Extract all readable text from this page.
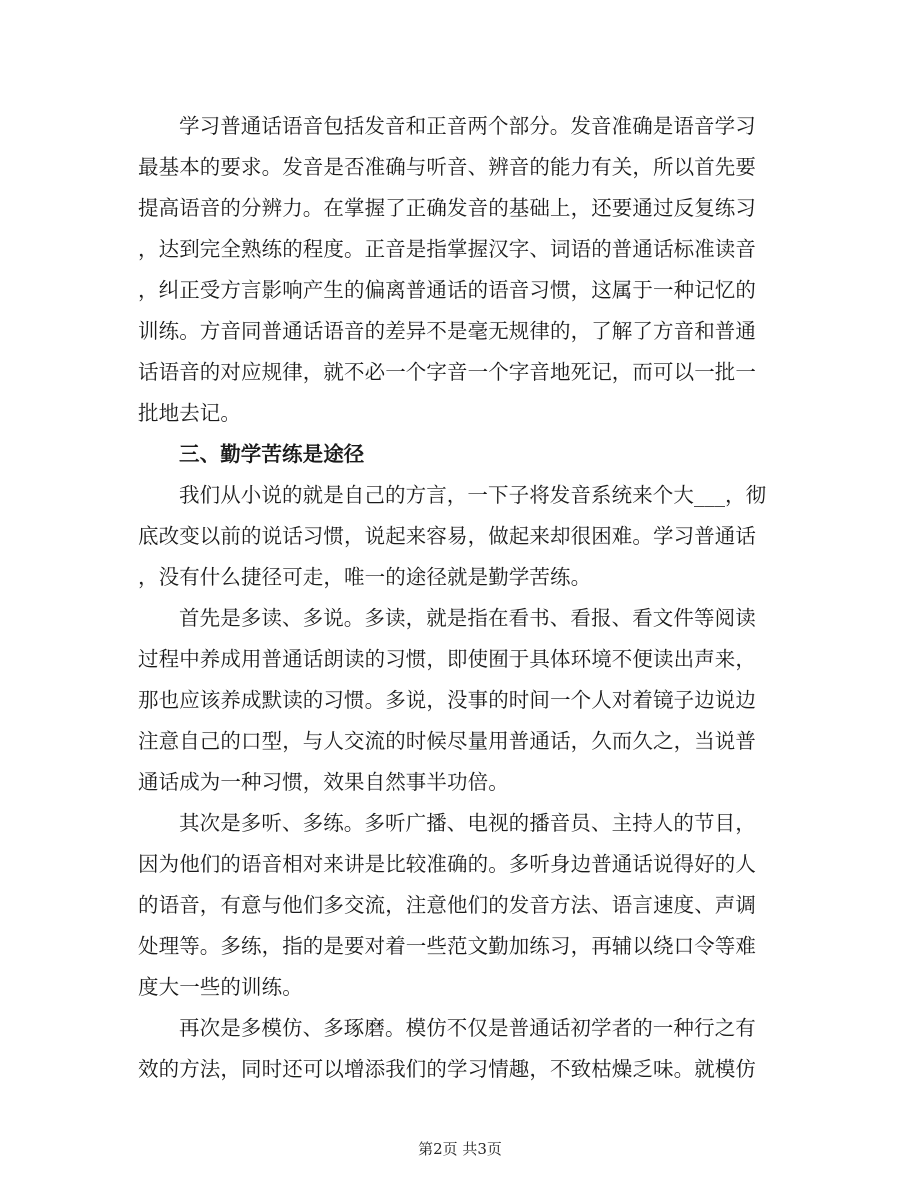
学习普通话语音包括发音和正音两个部分。发音准确是语音学习
最基本的要求。发音是否准确与听音、辨音的能力有关，所以首先要
提高语音的分辨力。在掌握了正确发音的基础上，还要通过反复练习
，达到完全熟练的程度。正音是指掌握汉字、词语的普通话标准读音
，纠正受方言影响产生的偏离普通话的语音习惯，这属于一种记忆的
训练。方音同普通话语音的差异不是毫无规律的，了解了方音和普通
话语音的对应规律，就不必一个字音一个字音地死记，而可以一批一
批地去记。
三、勤学苦练是途径
我们从小说的就是自己的方言，一下子将发音系统来个大___，彻
底改变以前的说话习惯，说起来容易，做起来却很困难。学习普通话
，没有什么捷径可走，唯一的途径就是勤学苦练。
首先是多读、多说。多读，就是指在看书、看报、看文件等阅读
过程中养成用普通话朗读的习惯，即使囿于具体环境不便读出声来，
那也应该养成默读的习惯。多说，没事的时间一个人对着镜子边说边
注意自己的口型，与人交流的时候尽量用普通话，久而久之，当说普
通话成为一种习惯，效果自然事半功倍。
其次是多听、多练。多听广播、电视的播音员、主持人的节目，
因为他们的语音相对来讲是比较准确的。多听身边普通话说得好的人
的语音，有意与他们多交流，注意他们的发音方法、语言速度、声调
处理等。多练，指的是要对着一些范文勤加练习，再辅以绕口令等难
度大一些的训练。
再次是多模仿、多琢磨。模仿不仅是普通话初学者的一种行之有
效的方法，同时还可以增添我们的学习情趣，不致枯燥乏味。就模仿
第2页 共3页
